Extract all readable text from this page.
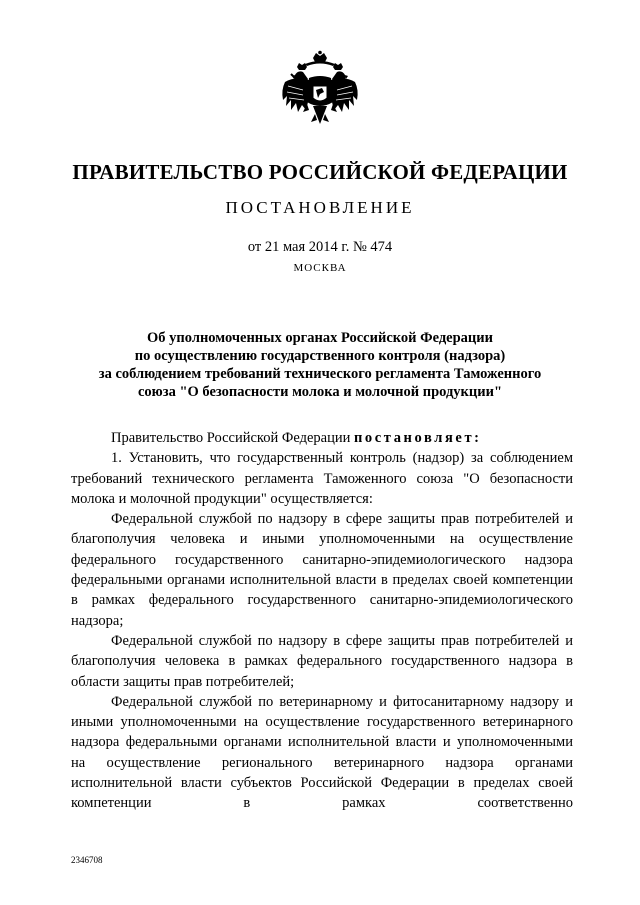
ПРАВИТЕЛЬСТВО РОССИЙСКОЙ ФЕДЕРАЦИИ
ПОСТАНОВЛЕНИЕ
от 21 мая 2014 г. № 474
МОСКВА
Об уполномоченных органах Российской Федерации
по осуществлению государственного контроля (надзора)
за соблюдением требований технического регламента Таможенного
союза "О безопасности молока и молочной продукции"

Правительство Российской Федерации постановляет:

1. Установить, что государственный контроль (надзор) за соблюдением требований технического регламента Таможенного союза "О безопасности молока и молочной продукции" осуществляется:

Федеральной службой по надзору в сфере защиты прав потребителей и благополучия человека и иными уполномоченными на осуществление федерального государственного санитарно-эпидемиологического надзора федеральными органами исполнительной власти в пределах своей компетенции в рамках федерального государственного санитарно-эпидемиологического надзора;

Федеральной службой по надзору в сфере защиты прав потребителей и благополучия человека в рамках федерального государственного надзора в области защиты прав потребителей;

Федеральной службой по ветеринарному и фитосанитарному надзору и иными уполномоченными на осуществление государственного ветеринарного надзора федеральными органами исполнительной власти и уполномоченными на осуществление регионального ветеринарного надзора органами исполнительной власти субъектов Российской Федерации в пределах своей компетенции в рамках соответственно

2346708
